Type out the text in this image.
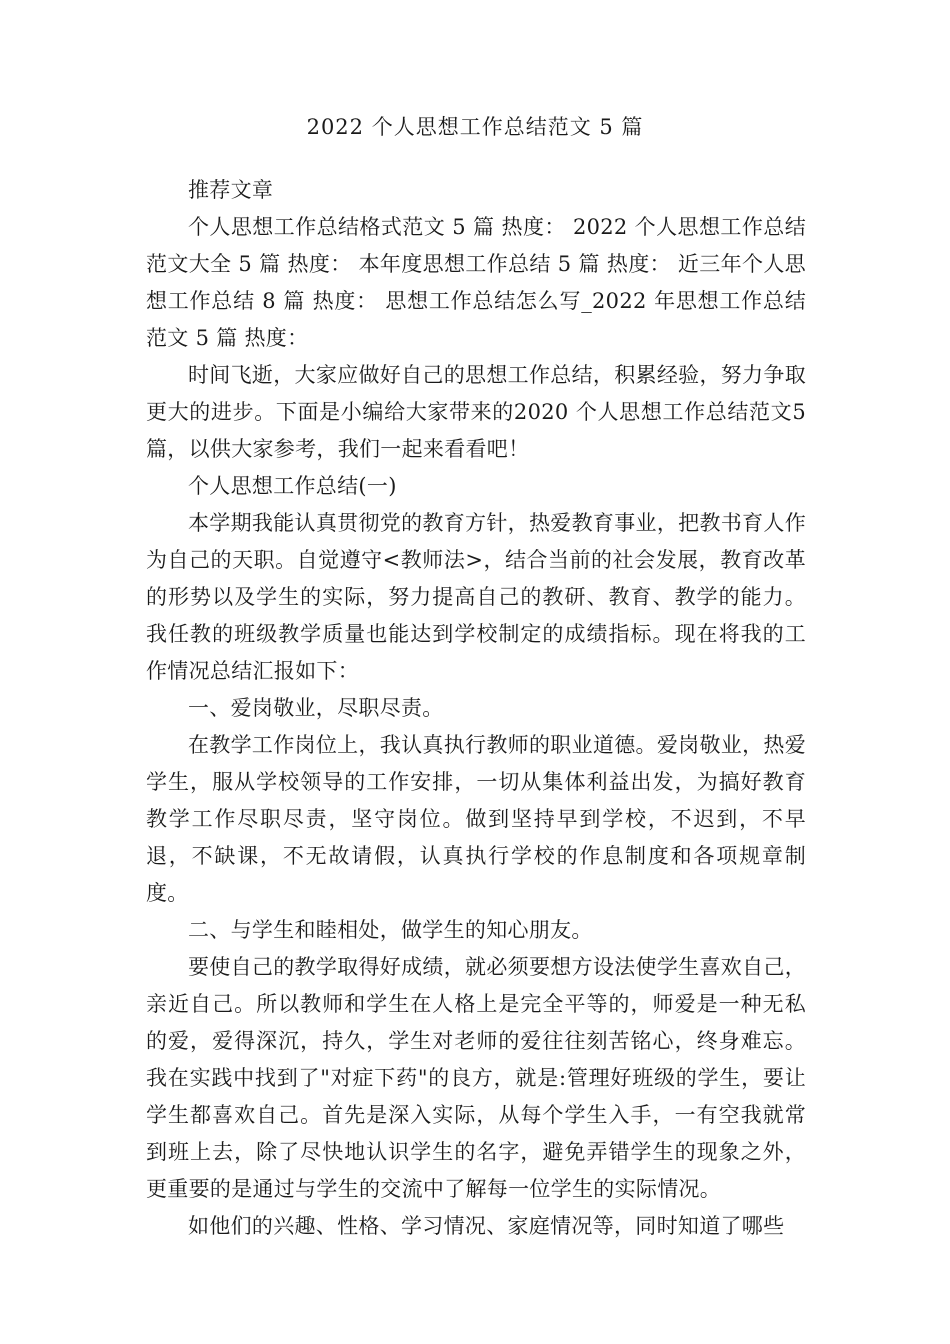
2022 个人思想工作总结范文 5 篇

推荐文章

个人思想工作总结格式范文 5 篇 热度： 2022 个人思想工作总结范文大全 5 篇 热度： 本年度思想工作总结 5 篇 热度： 近三年个人思想工作总结 8 篇 热度： 思想工作总结怎么写_2022 年思想工作总结范文 5 篇 热度：

时间飞逝，大家应做好自己的思想工作总结，积累经验，努力争取更大的进步。下面是小编给大家带来的2020 个人思想工作总结范文5 篇，以供大家参考，我们一起来看看吧！

个人思想工作总结(一)

本学期我能认真贯彻党的教育方针，热爱教育事业，把教书育人作为自己的天职。自觉遵守<教师法>，结合当前的社会发展，教育改革的形势以及学生的实际，努力提高自己的教研、教育、教学的能力。我任教的班级教学质量也能达到学校制定的成绩指标。现在将我的工作情况总结汇报如下：

一、爱岗敬业，尽职尽责。

在教学工作岗位上，我认真执行教师的职业道德。爱岗敬业，热爱学生，服从学校领导的工作安排，一切从集体利益出发，为搞好教育教学工作尽职尽责，坚守岗位。做到坚持早到学校，不迟到，不早退，不缺课，不无故请假，认真执行学校的作息制度和各项规章制度。

二、与学生和睦相处，做学生的知心朋友。

要使自己的教学取得好成绩，就必须要想方设法使学生喜欢自己，亲近自己。所以教师和学生在人格上是完全平等的，师爱是一种无私的爱，爱得深沉，持久，学生对老师的爱往往刻苦铭心，终身难忘。我在实践中找到了"对症下药"的良方，就是:管理好班级的学生，要让学生都喜欢自己。首先是深入实际，从每个学生入手，一有空我就常到班上去，除了尽快地认识学生的名字，避免弄错学生的现象之外，更重要的是通过与学生的交流中了解每一位学生的实际情况。

如他们的兴趣、性格、学习情况、家庭情况等，同时知道了哪些
